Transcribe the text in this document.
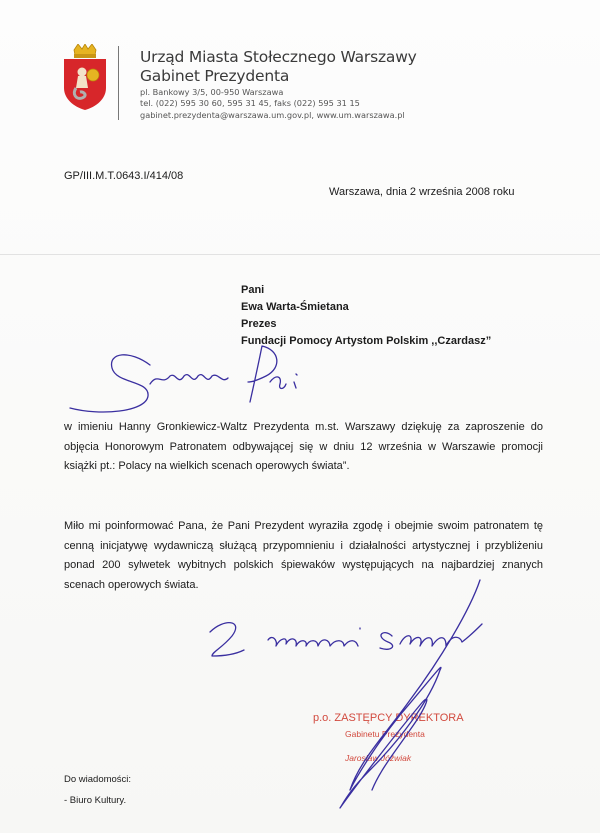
Urząd Miasta Stołecznego Warszawy
Gabinet Prezydenta
pl. Bankowy 3/5, 00-950 Warszawa
tel. (022) 595 30 60, 595 31 45, faks (022) 595 31 15
gabinet.prezydenta@warszawa.um.gov.pl, www.um.warszawa.pl
GP/III.M.T.0643.I/414/08
Warszawa, dnia 2 września 2008 roku
Pani
Ewa Warta-Śmietana
Prezes
Fundacji Pomocy Artystom Polskim ,,Czardasz”
w imieniu Hanny Gronkiewicz-Waltz Prezydenta m.st. Warszawy dziękuję za zaproszenie do objęcia Honorowym Patronatem odbywającej się w dniu 12 września w Warszawie promocji książki pt.: Polacy na wielkich scenach operowych świata”.
Miło mi poinformować Pana, że Pani Prezydent wyraziła zgodę i obejmie swoim patronatem tę cenną inicjatywę wydawniczą służącą przypomnieniu i działalności artystycznej i przybliżeniu ponad 200 sylwetek wybitnych polskich śpiewaków występujących na najbardziej znanych scenach operowych świata.
p.o. ZASTĘPCY DYREKTORA
Gabinetu Prezydenta
Jarosław Jóźwiak
Do wiadomości:
- Biuro Kultury.
